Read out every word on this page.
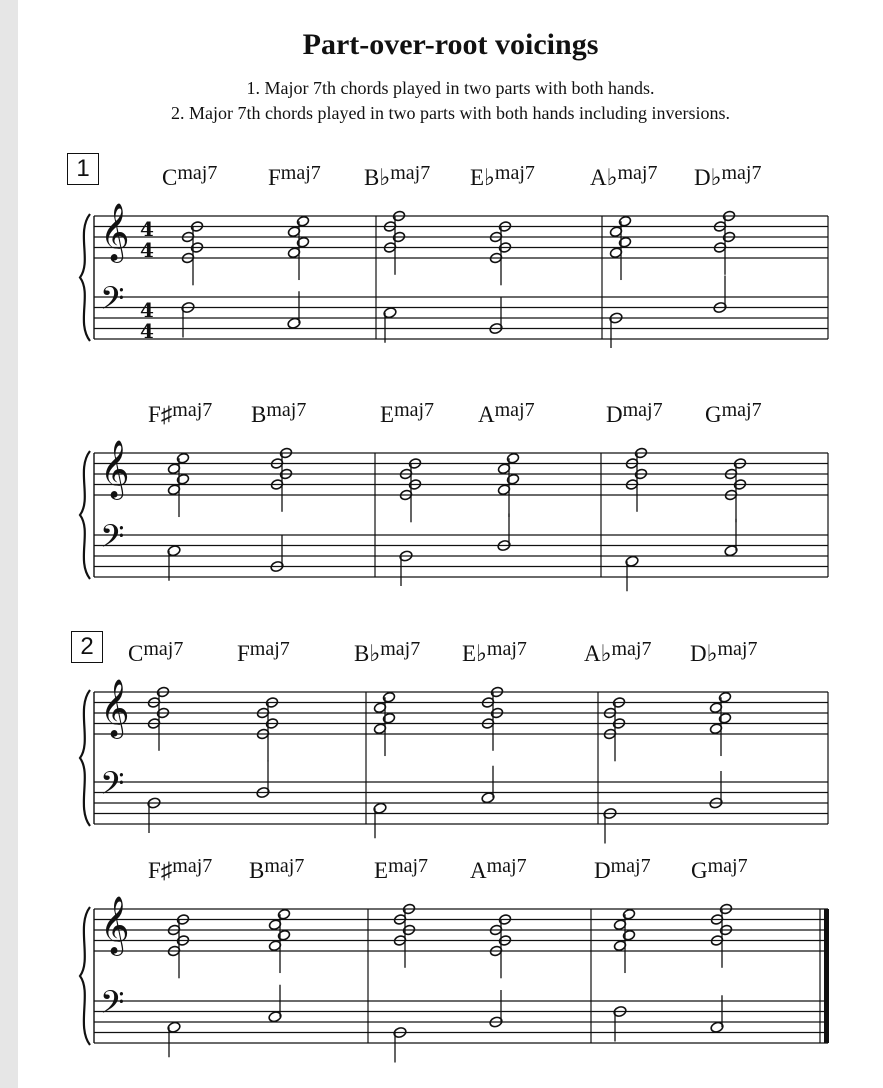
Part-over-root voicings
1. Major 7th chords played in two parts with both hands.
2. Major 7th chords played in two parts with both hands including inversions.
1
2
𝄞
𝄢
4
4
4
4
𝄞
𝄢
𝄞
𝄢
𝄞
𝄢
Cmaj7 Fmaj7 B♭maj7 E♭maj7 A♭maj7 D♭maj7
F♯maj7 Bmaj7	Emaj7 Amaj7	Dmaj7 Gmaj7
Cmaj7 Fmaj7	B♭maj7 E♭maj7 A♭maj7 D♭maj7
F♯maj7 Bmaj7	Emaj7 Amaj7	Dmaj7 Gmaj7
